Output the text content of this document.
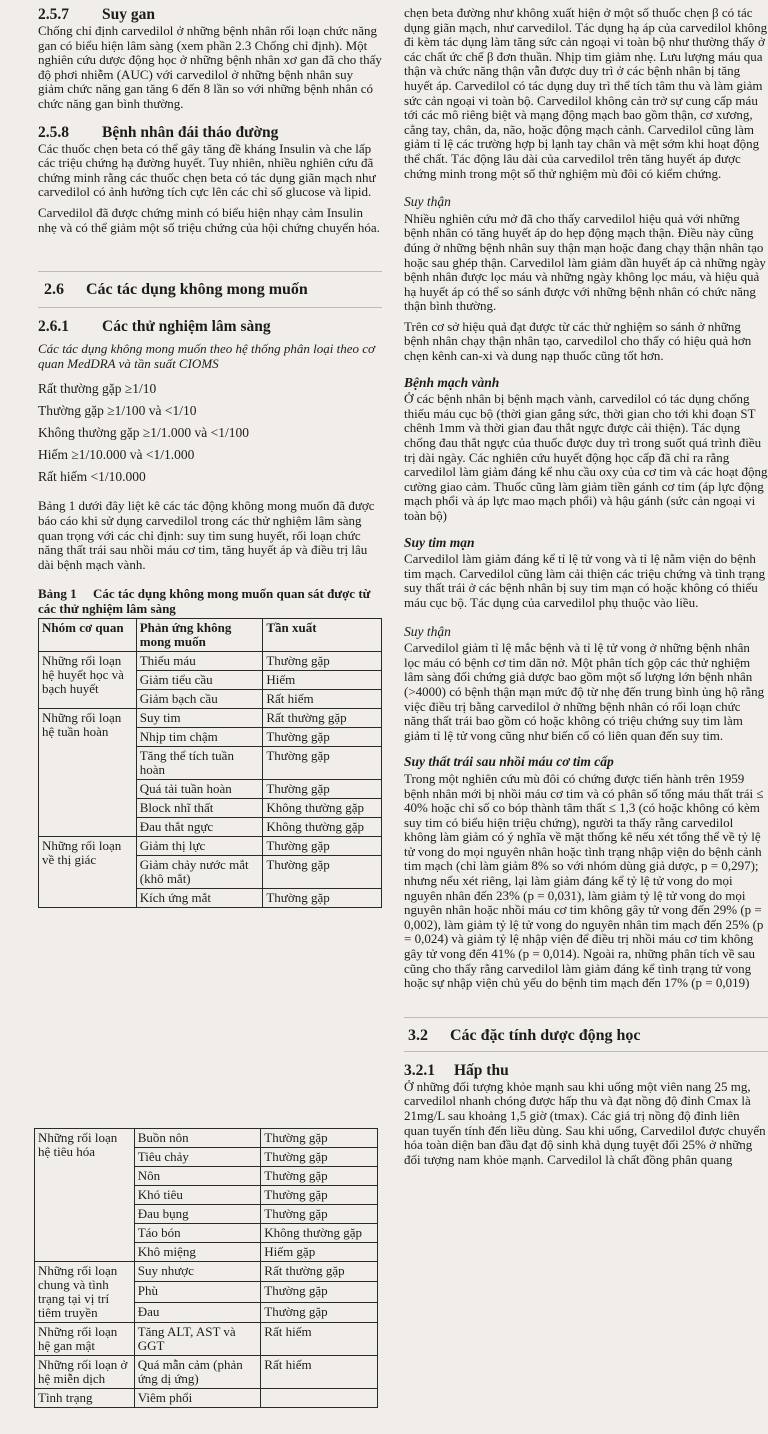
2.5.7 Suy gan

Chống chỉ định carvedilol ở những bệnh nhân rối loạn chức năng gan có biểu hiện lâm sàng (xem phần 2.3 Chống chỉ định). Một nghiên cứu dược động học ở những bệnh nhân xơ gan đã cho thấy độ phơi nhiễm (AUC) với carvedilol ở những bệnh nhân suy giảm chức năng gan tăng 6 đến 8 lần so với những bệnh nhân có chức năng gan bình thường.

2.5.8 Bệnh nhân đái tháo đường

Các thuốc chẹn beta có thể gây tăng đề kháng Insulin và che lấp các triệu chứng hạ đường huyết. Tuy nhiên, nhiều nghiên cứu đã chứng minh rằng các thuốc chẹn beta có tác dụng giãn mạch như carvedilol có ảnh hưởng tích cực lên các chỉ số glucose và lipid.

Carvedilol đã được chứng minh có biểu hiện nhạy cảm Insulin nhẹ và có thể giảm một số triệu chứng của hội chứng chuyển hóa.

2.6 Các tác dụng không mong muốn
2.6.1 Các thử nghiệm lâm sàng

Các tác dụng không mong muốn theo hệ thống phân loại theo cơ quan MedDRA và tần suất CIOMS

Rất thường gặp ≥1/10

Thường gặp ≥1/100 và <1/10

Không thường gặp ≥1/1.000 và <1/100

Hiếm ≥1/10.000 và <1/1.000

Rất hiếm <1/10.000

Bảng 1 dưới đây liệt kê các tác động không mong muốn đã được báo cáo khi sử dụng carvedilol trong các thử nghiệm lâm sàng quan trọng với các chỉ định: suy tim sung huyết, rối loạn chức năng thất trái sau nhồi máu cơ tim, tăng huyết áp và điều trị lâu dài bệnh mạch vành.

Bảng 1 Các tác dụng không mong muốn quan sát được từ các thử nghiệm lâm sàng

Nhóm cơ quan	Phản ứng không mong muốn	Tần xuất
Những rối loạn hệ huyết học và bạch huyết	Thiếu máu	Thường gặp
	Giảm tiểu cầu	Hiếm
	Giảm bạch cầu	Rất hiếm
Những rối loạn hệ tuần hoàn	Suy tim	Rất thường gặp
	Nhịp tim chậm	Thường gặp
	Tăng thể tích tuần hoàn	Thường gặp
	Quá tải tuần hoàn	Thường gặp
	Block nhĩ thất	Không thường gặp
	Đau thắt ngực	Không thường gặp
Những rối loạn về thị giác	Giảm thị lực	Thường gặp
	Giảm chảy nước mắt (khô mắt)	Thường gặp
	Kích ứng mắt	Thường gặp
Những rối loạn hệ tiêu hóa	Buồn nôn	Thường gặp
	Tiêu chảy	Thường gặp
	Nôn	Thường gặp
	Khó tiêu	Thường gặp
	Đau bụng	Thường gặp
	Táo bón	Không thường gặp
	Khô miệng	Hiếm gặp
Những rối loạn chung và tình trạng tại vị trí tiêm truyền	Suy nhược	Rất thường gặp
	Phù	Thường gặp
	Đau	Thường gặp
Những rối loạn hệ gan mật	Tăng ALT, AST và GGT	Rất hiếm
Những rối loạn ở hệ miễn dịch	Quá mẫn cảm (phản ứng dị ứng)	Rất hiếm
Tình trạng	Viêm phổi	

chẹn beta đường như không xuất hiện ở một số thuốc chẹn β có tác dụng giãn mạch, như carvedilol. Tác dụng hạ áp của carvedilol không đi kèm tác dụng làm tăng sức cản ngoại vi toàn bộ như thường thấy ở các chất ức chế β đơn thuần. Nhịp tim giảm nhẹ. Lưu lượng máu qua thận và chức năng thận vẫn được duy trì ở các bệnh nhân bị tăng huyết áp. Carvedilol có tác dụng duy trì thể tích tâm thu và làm giảm sức cản ngoại vi toàn bộ. Carvedilol không cản trở sự cung cấp máu tới các mô riêng biệt và mạng động mạch bao gồm thận, cơ xương, cẳng tay, chân, da, não, hoặc động mạch cảnh. Carvedilol cũng làm giảm tỉ lệ các trường hợp bị lạnh tay chân và mệt sớm khi hoạt động thể chất. Tác động lâu dài của carvedilol trên tăng huyết áp được chứng minh trong một số thử nghiệm mù đôi có kiểm chứng.

Suy thận

Nhiều nghiên cứu mở đã cho thấy carvedilol hiệu quả với những bệnh nhân có tăng huyết áp do hẹp động mạch thận. Điều này cũng đúng ở những bệnh nhân suy thận mạn hoặc đang chạy thận nhân tạo hoặc sau ghép thận. Carvedilol làm giảm dần huyết áp cả những ngày bệnh nhân được lọc máu và những ngày không lọc máu, và hiệu quả hạ huyết áp có thể so sánh được với những bệnh nhân có chức năng thận bình thường.

Trên cơ sở hiệu quả đạt được từ các thử nghiệm so sánh ở những bệnh nhân chạy thận nhân tạo, carvedilol cho thấy có hiệu quả hơn chẹn kênh can-xi và dung nạp thuốc cũng tốt hơn.

Bệnh mạch vành

Ở các bệnh nhân bị bệnh mạch vành, carvedilol có tác dụng chống thiếu máu cục bộ (thời gian gắng sức, thời gian cho tới khi đoạn ST chênh 1mm và thời gian đau thắt ngực được cải thiện). Tác dụng chống đau thắt ngực của thuốc được duy trì trong suốt quá trình điều trị dài ngày. Các nghiên cứu huyết động học cấp đã chỉ ra rằng carvedilol làm giảm đáng kể nhu cầu oxy của cơ tim và các hoạt động cường giao cảm. Thuốc cũng làm giảm tiền gánh cơ tim (áp lực động mạch phổi và áp lực mao mạch phổi) và hậu gánh (sức cản ngoại vi toàn bộ)

Suy tim mạn

Carvedilol làm giảm đáng kể tỉ lệ tử vong và tỉ lệ nằm viện do bệnh tim mạch. Carvedilol cũng làm cải thiện các triệu chứng và tình trạng suy thất trái ở các bệnh nhân bị suy tim mạn có hoặc không có thiếu máu cục bộ. Tác dụng của carvedilol phụ thuộc vào liều.

Suy thận

Carvedilol giảm tỉ lệ mắc bệnh và tỉ lệ tử vong ở những bệnh nhân lọc máu có bệnh cơ tim dãn nở. Một phân tích gộp các thử nghiệm lâm sàng đối chứng giả dược bao gồm một số lượng lớn bệnh nhân (>4000) có bệnh thận mạn mức độ từ nhẹ đến trung bình ủng hộ rằng việc điều trị bằng carvedilol ở những bệnh nhân có rối loạn chức năng thất trái bao gồm có hoặc không có triệu chứng suy tim làm giảm tỉ lệ tử vong cũng như biến cố có liên quan đến suy tim.

Suy thất trái sau nhồi máu cơ tim cấp

Trong một nghiên cứu mù đôi có chứng được tiến hành trên 1959 bệnh nhân mới bị nhồi máu cơ tim và có phân số tống máu thất trái ≤ 40% hoặc chỉ số co bóp thành tâm thất ≤ 1,3 (có hoặc không có kèm suy tim có biểu hiện triệu chứng), người ta thấy rằng carvedilol không làm giảm có ý nghĩa về mặt thống kê nếu xét tổng thể về tỷ lệ tử vong do mọi nguyên nhân hoặc tình trạng nhập viện do bệnh cảnh tim mạch (chỉ làm giảm 8% so với nhóm dùng giả dược, p = 0,297); nhưng nếu xét riêng, lại làm giảm đáng kể tỷ lệ tử vong do mọi nguyên nhân đến 23% (p = 0,031), làm giảm tỷ lệ tử vong do mọi nguyên nhân hoặc nhồi máu cơ tim không gây tử vong đến 29% (p = 0,002), làm giảm tỷ lệ tử vong do nguyên nhân tim mạch đến 25% (p = 0,024) và giảm tỷ lệ nhập viện để điều trị nhồi máu cơ tim không gây tử vong đến 41% (p = 0,014). Ngoài ra, những phân tích về sau cũng cho thấy rằng carvedilol làm giảm đáng kể tình trạng tử vong hoặc sự nhập viện chủ yếu do bệnh tim mạch đến 17% (p = 0,019)

3.2 Các đặc tính dược động học
3.2.1 Hấp thu

Ở những đối tượng khỏe mạnh sau khi uống một viên nang 25 mg, carvedilol nhanh chóng được hấp thu và đạt nồng độ đỉnh Cmax là 21mg/L sau khoảng 1,5 giờ (tmax). Các giá trị nồng độ đỉnh liên quan tuyến tính đến liều dùng. Sau khi uống, Carvedilol được chuyển hóa toàn diện ban đầu đạt độ sinh khả dụng tuyệt đối 25% ở những đối tượng nam khỏe mạnh. Carvedilol là chất đồng phân quang
